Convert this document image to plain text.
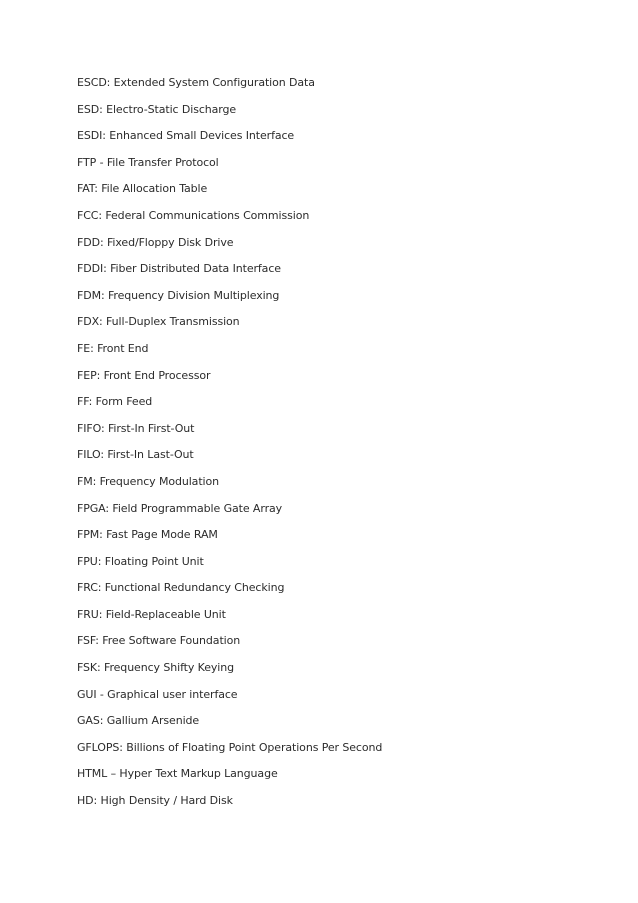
ESCD: Extended System Configuration Data
ESD: Electro-Static Discharge
ESDI: Enhanced Small Devices Interface
FTP - File Transfer Protocol
FAT: File Allocation Table
FCC: Federal Communications Commission
FDD: Fixed/Floppy Disk Drive
FDDI: Fiber Distributed Data Interface
FDM: Frequency Division Multiplexing
FDX: Full-Duplex Transmission
FE: Front End
FEP: Front End Processor
FF: Form Feed
FIFO: First-In First-Out
FILO: First-In Last-Out
FM: Frequency Modulation
FPGA: Field Programmable Gate Array
FPM: Fast Page Mode RAM
FPU: Floating Point Unit
FRC: Functional Redundancy Checking
FRU: Field-Replaceable Unit
FSF: Free Software Foundation
FSK: Frequency Shifty Keying
GUI - Graphical user interface
GAS: Gallium Arsenide
GFLOPS: Billions of Floating Point Operations Per Second
HTML – Hyper Text Markup Language
HD: High Density / Hard Disk
